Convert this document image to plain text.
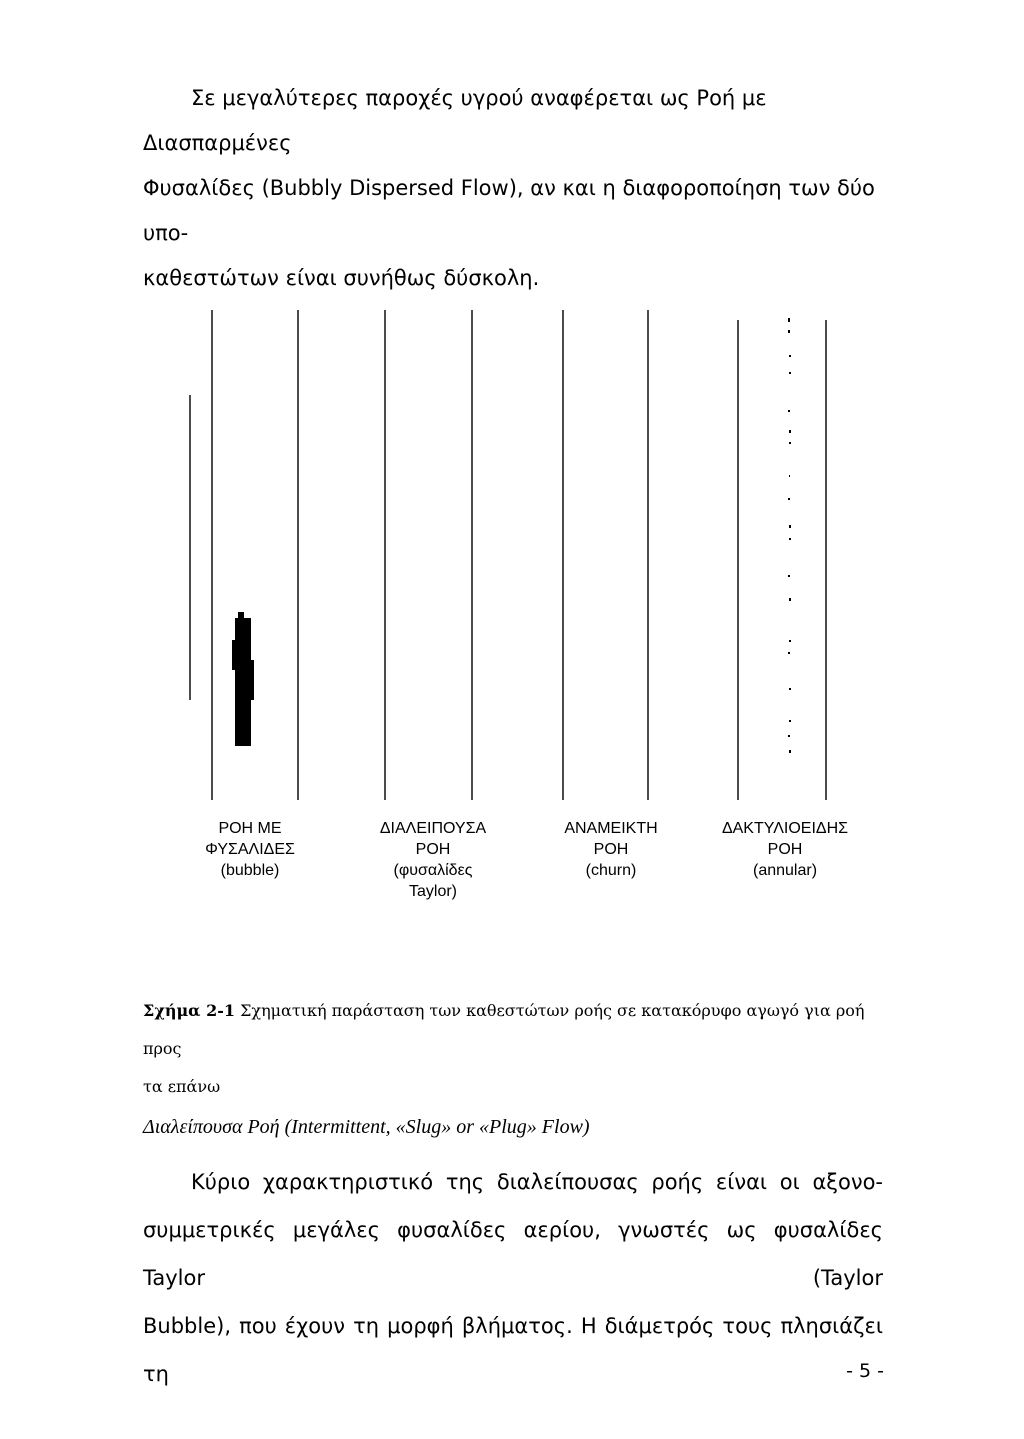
Σε μεγαλύτερες παροχές υγρού αναφέρεται ως Ροή με Διασπαρμένες
Φυσαλίδες (Bubbly Dispersed Flow), αν και η διαφοροποίηση των δύο υπο-
καθεστώτων είναι συνήθως δύσκολη.

ΡΟΗ ΜΕ
ΦΥΣΑΛΙΔΕΣ
(bubble)
ΔΙΑΛΕΙΠΟΥΣΑ
ΡΟΗ
(φυσαλίδες
Taylor)
ΑΝΑΜΕΙΚΤΗ
ΡΟΗ
(churn)
ΔΑΚΤΥΛΙΟΕΙΔΗΣ
ΡΟΗ
(annular)
Σχήμα 2-1 Σχηματική παράσταση των καθεστώτων ροής σε κατακόρυφο αγωγό για ροή προς
τα επάνω
Διαλείπουσα Ροή (Intermittent, «Slug» or «Plug» Flow)
Κύριο χαρακτηριστικό της διαλείπουσας ροής είναι οι αξονο-
συμμετρικές μεγάλες φυσαλίδες αερίου, γνωστές ως φυσαλίδες Taylor (Taylor
Bubble), που έχουν τη μορφή βλήματος. Η διάμετρός τους πλησιάζει τη	- 5 -
